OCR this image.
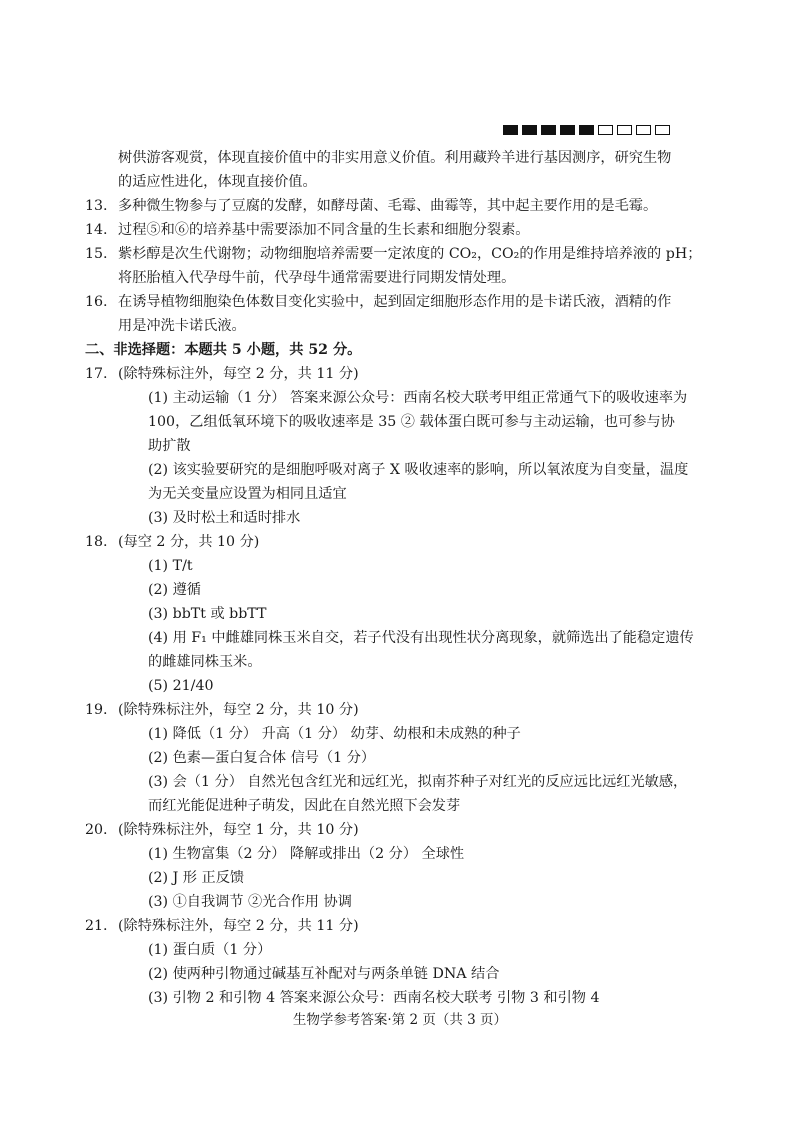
树供游客观赏，体现直接价值中的非实用意义价值。利用藏羚羊进行基因测序，研究生物
的适应性进化，体现直接价值。
13. 多种微生物参与了豆腐的发酵，如酵母菌、毛霉、曲霉等，其中起主要作用的是毛霉。
14. 过程⑤和⑥的培养基中需要添加不同含量的生长素和细胞分裂素。
15. 紫杉醇是次生代谢物；动物细胞培养需要一定浓度的 CO₂，CO₂的作用是维持培养液的 pH；
将胚胎植入代孕母牛前，代孕母牛通常需要进行同期发情处理。
16. 在诱导植物细胞染色体数目变化实验中，起到固定细胞形态作用的是卡诺氏液，酒精的作
用是冲洗卡诺氏液。
二、非选择题：本题共 5 小题，共 52 分。
17. (除特殊标注外，每空 2 分，共 11 分)
(1) 主动运输（1 分） 答案来源公众号：西南名校大联考甲组正常通气下的吸收速率为
100，乙组低氧环境下的吸收速率是 35 ② 载体蛋白既可参与主动运输，也可参与协
助扩散
(2) 该实验要研究的是细胞呼吸对离子 X 吸收速率的影响，所以氧浓度为自变量，温度
为无关变量应设置为相同且适宜
(3) 及时松土和适时排水
18. (每空 2 分，共 10 分)
(1) T/t
(2) 遵循
(3) bbTt 或 bbTT
(4) 用 F₁ 中雌雄同株玉米自交，若子代没有出现性状分离现象，就筛选出了能稳定遗传
的雌雄同株玉米。
(5) 21/40
19. (除特殊标注外，每空 2 分，共 10 分)
(1) 降低（1 分） 升高（1 分） 幼芽、幼根和未成熟的种子
(2) 色素—蛋白复合体 信号（1 分）
(3) 会（1 分） 自然光包含红光和远红光，拟南芥种子对红光的反应远比远红光敏感，
而红光能促进种子萌发，因此在自然光照下会发芽
20. (除特殊标注外，每空 1 分，共 10 分)
(1) 生物富集（2 分） 降解或排出（2 分） 全球性
(2) J 形 正反馈
(3) ①自我调节 ②光合作用 协调
21. (除特殊标注外，每空 2 分，共 11 分)
(1) 蛋白质（1 分）
(2) 使两种引物通过碱基互补配对与两条单链 DNA 结合
(3) 引物 2 和引物 4 答案来源公众号：西南名校大联考 引物 3 和引物 4
生物学参考答案·第 2 页（共 3 页）
